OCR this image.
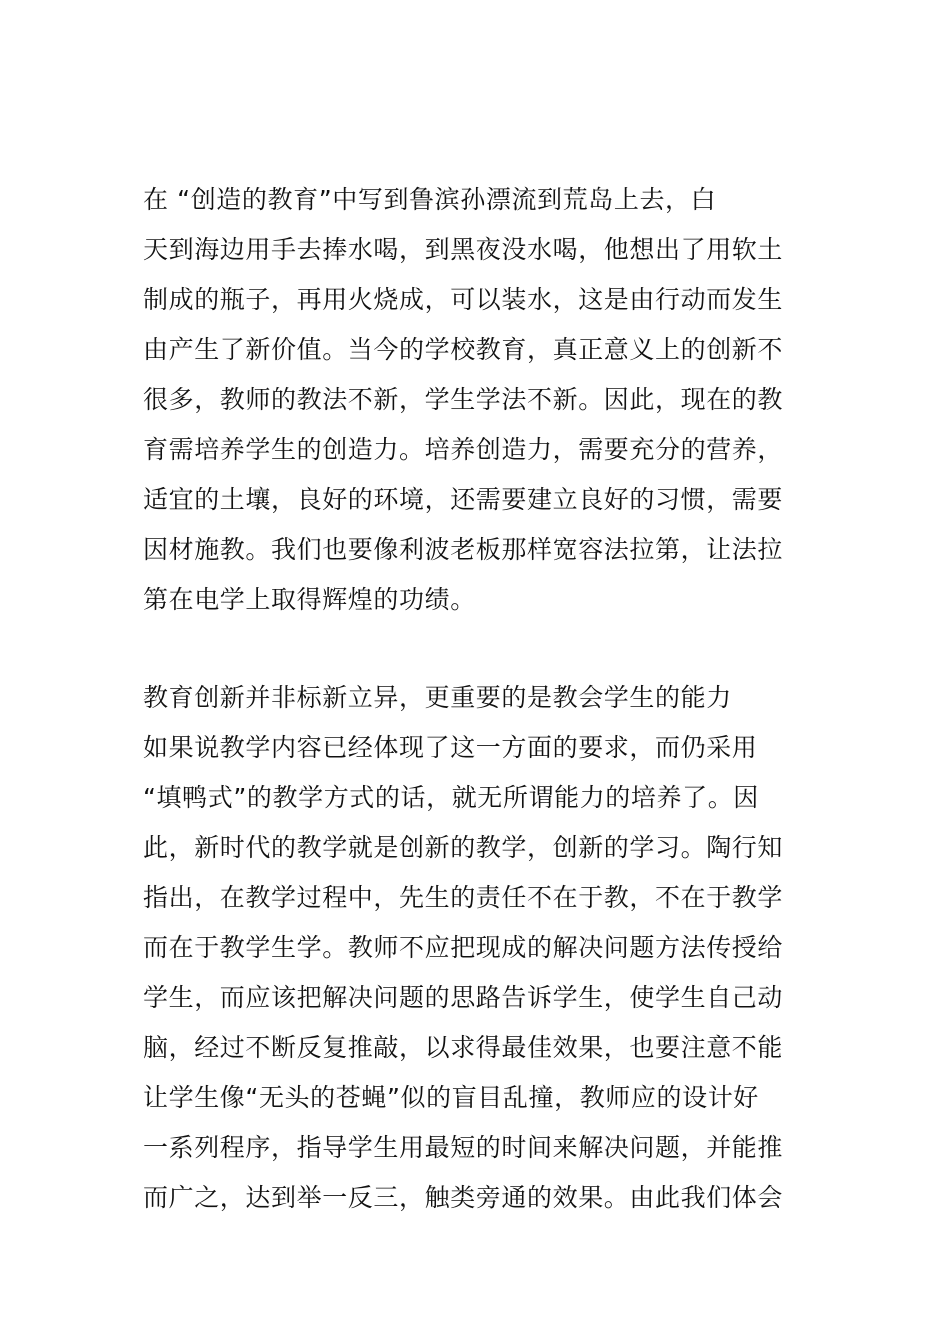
在 “创造的教育”中写到鲁滨孙漂流到荒岛上去，白
天到海边用手去捧水喝，到黑夜没水喝，他想出了用软土
制成的瓶子，再用火烧成，可以装水，这是由行动而发生
由产生了新价值。当今的学校教育，真正意义上的创新不
很多，教师的教法不新，学生学法不新。因此，现在的教
育需培养学生的创造力。培养创造力，需要充分的营养，
适宜的土壤，良好的环境，还需要建立良好的习惯，需要
因材施教。我们也要像利波老板那样宽容法拉第，让法拉
第在电学上取得辉煌的功绩。
教育创新并非标新立异，更重要的是教会学生的能力
如果说教学内容已经体现了这一方面的要求，而仍采用
“填鸭式”的教学方式的话，就无所谓能力的培养了。因
此，新时代的教学就是创新的教学，创新的学习。陶行知
指出，在教学过程中，先生的责任不在于教，不在于教学
而在于教学生学。教师不应把现成的解决问题方法传授给
学生，而应该把解决问题的思路告诉学生，使学生自己动
脑，经过不断反复推敲，以求得最佳效果，也要注意不能
让学生像“无头的苍蝇”似的盲目乱撞，教师应的设计好
一系列程序，指导学生用最短的时间来解决问题，并能推
而广之，达到举一反三，触类旁通的效果。由此我们体会
